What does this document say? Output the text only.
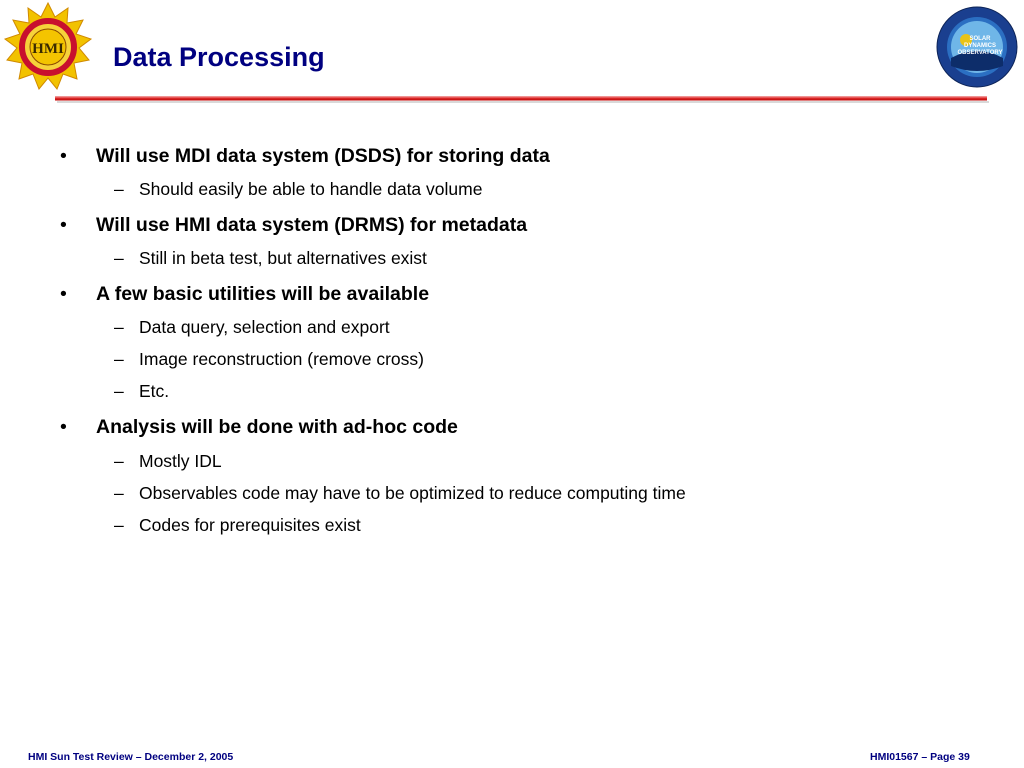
HMI Data Processing
SOLAR
DYNAMICS
OBSERVATORY
• Will use MDI data system (DSDS) for storing data
– Should easily be able to handle data volume
• Will use HMI data system (DRMS) for metadata
– Still in beta test, but alternatives exist
• A few basic utilities will be available
– Data query, selection and export
– Image reconstruction (remove cross)
– Etc.
• Analysis will be done with ad-hoc code
– Mostly IDL
– Observables code may have to be optimized to reduce computing time
– Codes for prerequisites exist
HMI Sun Test Review – December 2, 2005	HMI01567 – Page 39
